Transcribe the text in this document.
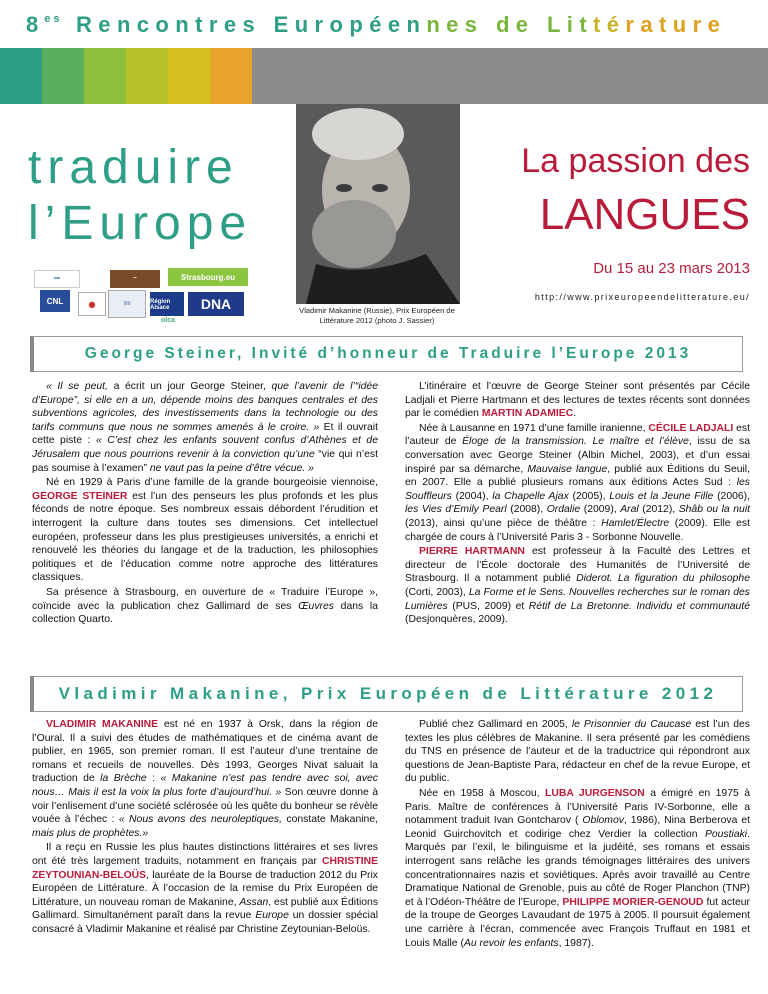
$8^{es}$ Rencontres Européennes de Littérature
traduire
l’Europe
•••
CNL	◉	≡≡
~	Strasbourg.eu
Région Alsace	DNA
olca
Vladimir Makanine (Russie), Prix Européen de Littérature 2012 (photo J. Sassier)
La passion des
LANGUES
Du 15 au 23 mars 2013
http://www.prixeuropeendelitterature.eu/
George Steiner, Invité d’honneur de Traduire l’Europe 2013

« Il se peut, a écrit un jour George Steiner, que l’avenir de l’“idée d’Europe”, si elle en a un, dépende moins des banques centrales et des subventions agricoles, des investissements dans la technologie ou des tarifs communs que nous ne sommes amenés à le croire. » Et il ouvrait cette piste : « C’est chez les enfants souvent confus d’Athènes et de Jérusalem que nous pourrions revenir à la conviction qu’une “vie qui n’est pas soumise à l’examen” ne vaut pas la peine d’être vécue. »

Né en 1929 à Paris d’une famille de la grande bourgeoisie viennoise, GEORGE STEINER est l’un des penseurs les plus profonds et les plus féconds de notre époque. Ses nombreux essais débordent l’érudition et interrogent la culture dans toutes ses dimensions. Cet intellectuel européen, professeur dans les plus prestigieuses universités, a enrichi et renouvelé les théories du langage et de la traduction, les philosophies politiques et de l’éducation comme notre approche des littératures classiques.

Sa présence à Strasbourg, en ouverture de « Traduire l’Europe », coïncide avec la publication chez Gallimard de ses Œuvres dans la collection Quarto.

L’itinéraire et l’œuvre de George Steiner sont présentés par Cécile Ladjali et Pierre Hartmann et des lectures de textes récents sont données par le comédien MARTIN ADAMIEC.

Née à Lausanne en 1971 d’une famille iranienne, CÉCILE LADJALI est l’auteur de Éloge de la transmission. Le maître et l’élève, issu de sa conversation avec George Steiner (Albin Michel, 2003), et d’un essai inspiré par sa démarche, Mauvaise langue, publié aux Éditions du Seuil, en 2007. Elle a publié plusieurs romans aux éditions Actes Sud : les Souffleurs (2004), la Chapelle Ajax (2005), Louis et la Jeune Fille (2006), les Vies d’Emily Pearl (2008), Ordalie (2009), Aral (2012), Shâb ou la nuit (2013), ainsi qu’une pièce de théâtre : Hamlet/Électre (2009). Elle est chargée de cours à l’Université Paris 3 - Sorbonne Nouvelle.

PIERRE HARTMANN est professeur à la Faculté des Lettres et directeur de l’École doctorale des Humanités de l’Université de Strasbourg. Il a notamment publié Diderot. La figuration du philosophe (Corti, 2003), La Forme et le Sens. Nouvelles recherches sur le roman des Lumières (PUS, 2009) et Rétif de La Bretonne. Individu et communauté (Desjonquères, 2009).

Vladimir Makanine, Prix Européen de Littérature 2012

VLADIMIR MAKANINE est né en 1937 à Orsk, dans la région de l’Oural. Il a suivi des études de mathématiques et de cinéma avant de publier, en 1965, son premier roman. Il est l’auteur d’une trentaine de romans et recueils de nouvelles. Dès 1993, Georges Nivat saluait la traduction de la Brèche : « Makanine n’est pas tendre avec soi, avec nous… Mais il est la voix la plus forte d’aujourd’hui. » Son œuvre donne à voir l’enlisement d’une société sclérosée où les quête du bonheur se révèle vouée à l’échec : « Nous avons des neuroleptiques, constate Makanine, mais plus de prophètes.»

Il a reçu en Russie les plus hautes distinctions littéraires et ses livres ont été très largement traduits, notamment en français par CHRISTINE ZEYTOUNIAN-BELOÜS, lauréate de la Bourse de traduction 2012 du Prix Européen de Littérature. À l’occasion de la remise du Prix Européen de Littérature, un nouveau roman de Makanine, Assan, est publié aux Éditions Gallimard. Simultanément paraît dans la revue Europe un dossier spécial consacré à Vladimir Makanine et réalisé par Christine Zeytounian-Beloüs.

Publié chez Gallimard en 2005, le Prisonnier du Caucase est l’un des textes les plus célèbres de Makanine. Il sera présenté par les comédiens du TNS en présence de l’auteur et de la traductrice qui répondront aux questions de Jean-Baptiste Para, rédacteur en chef de la revue Europe, et du public.

Née en 1958 à Moscou, LUBA JURGENSON a émigré en 1975 à Paris. Maître de conférences à l’Université Paris IV-Sorbonne, elle a notamment traduit Ivan Gontcharov ( Oblomov, 1986), Nina Berberova et Leonid Guirchovitch et codirige chez Verdier la collection Poustiaki. Marqués par l’exil, le bilinguisme et la judéité, ses romans et essais interrogent sans relâche les grands témoignages littéraires des univers concentrationnaires nazis et soviétiques. Après avoir travaillé au Centre Dramatique National de Grenoble, puis au côté de Roger Planchon (TNP) et à l’Odéon-Théâtre de l’Europe, PHILIPPE MORIER-GENOUD fut acteur de la troupe de Georges Lavaudant de 1975 à 2005. Il poursuit également une carrière à l’écran, commencée avec François Truffaut en 1981 et Louis Malle (Au revoir les enfants, 1987).
